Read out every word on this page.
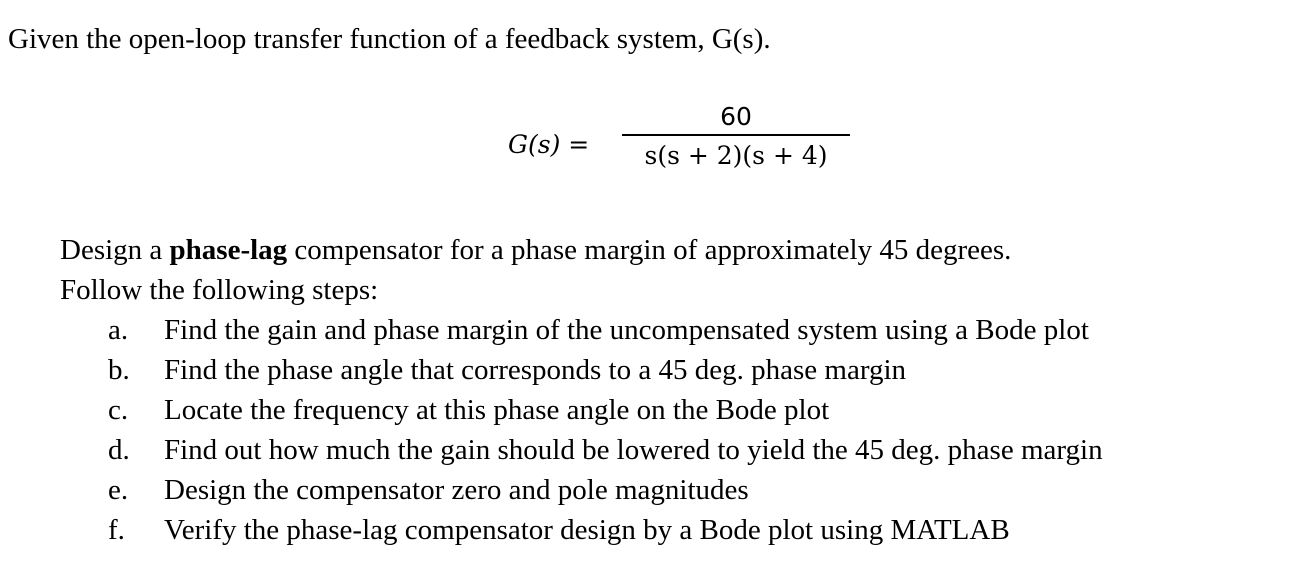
Given the open-loop transfer function of a feedback system, G(s).
G(s) =
60
s(s + 2)(s + 4)
Design a phase-lag compensator for a phase margin of approximately 45 degrees.
Follow the following steps:
a.	Find the gain and phase margin of the uncompensated system using a Bode plot
b.	Find the phase angle that corresponds to a 45 deg. phase margin
c.	Locate the frequency at this phase angle on the Bode plot
d.	Find out how much the gain should be lowered to yield the 45 deg. phase margin
e.	Design the compensator zero and pole magnitudes
f.	Verify the phase-lag compensator design by a Bode plot using MATLAB
